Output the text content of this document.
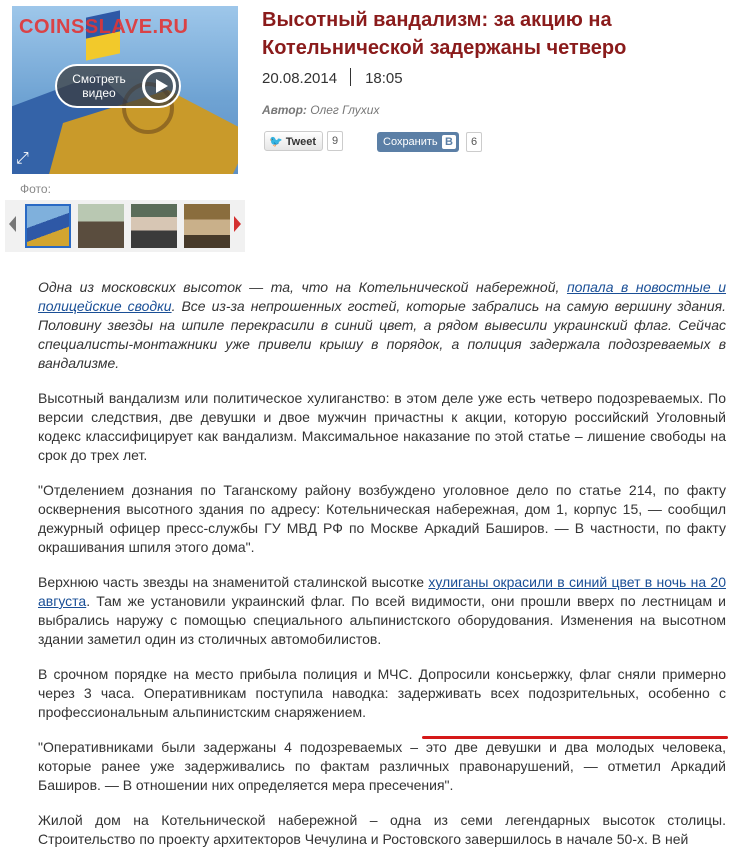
COINSSLAVE.RU
Смотреть видео
⤢
Фото:
Высотный вандализм: за акцию на Котельнической задержаны четверо
20.08.2014 18:05
Автор: Олег Глухих
🐦 Tweet	9	Сохранить В	6

Одна из московских высоток — та, что на Котельнической набережной, попала в новостные и полицейские сводки. Все из-за непрошенных гостей, которые забрались на самую вершину здания. Половину звезды на шпиле перекрасили в синий цвет, а рядом вывесили украинский флаг. Сейчас специалисты-монтажники уже привели крышу в порядок, а полиция задержала подозреваемых в вандализме.

Высотный вандализм или политическое хулиганство: в этом деле уже есть четверо подозреваемых. По версии следствия, две девушки и двое мужчин причастны к акции, которую российский Уголовный кодекс классифицирует как вандализм. Максимальное наказание по этой статье – лишение свободы на срок до трех лет.

"Отделением дознания по Таганскому району возбуждено уголовное дело по статье 214, по факту осквернения высотного здания по адресу: Котельническая набережная, дом 1, корпус 15, — сообщил дежурный офицер пресс-службы ГУ МВД РФ по Москве Аркадий Баширов. — В частности, по факту окрашивания шпиля этого дома".

Верхнюю часть звезды на знаменитой сталинской высотке хулиганы окрасили в синий цвет в ночь на 20 августа. Там же установили украинский флаг. По всей видимости, они прошли вверх по лестницам и выбрались наружу с помощью специального альпинистского оборудования. Изменения на высотном здании заметил один из столичных автомобилистов.

В срочном порядке на место прибыла полиция и МЧС. Допросили консьержку, флаг сняли примерно через 3 часа. Оперативникам поступила наводка: задерживать всех подозрительных, особенно с профессиональным альпинистским снаряжением.

"Оперативниками были задержаны 4 подозреваемых – это две девушки и два молодых человека, которые ранее уже задерживались по фактам различных правонарушений, — отметил Аркадий Баширов. — В отношении них определяется мера пресечения".

Жилой дом на Котельнической набережной – одна из семи легендарных высоток столицы. Строительство по проекту архитекторов Чечулина и Ростовского завершилось в начале 50-х. В ней
